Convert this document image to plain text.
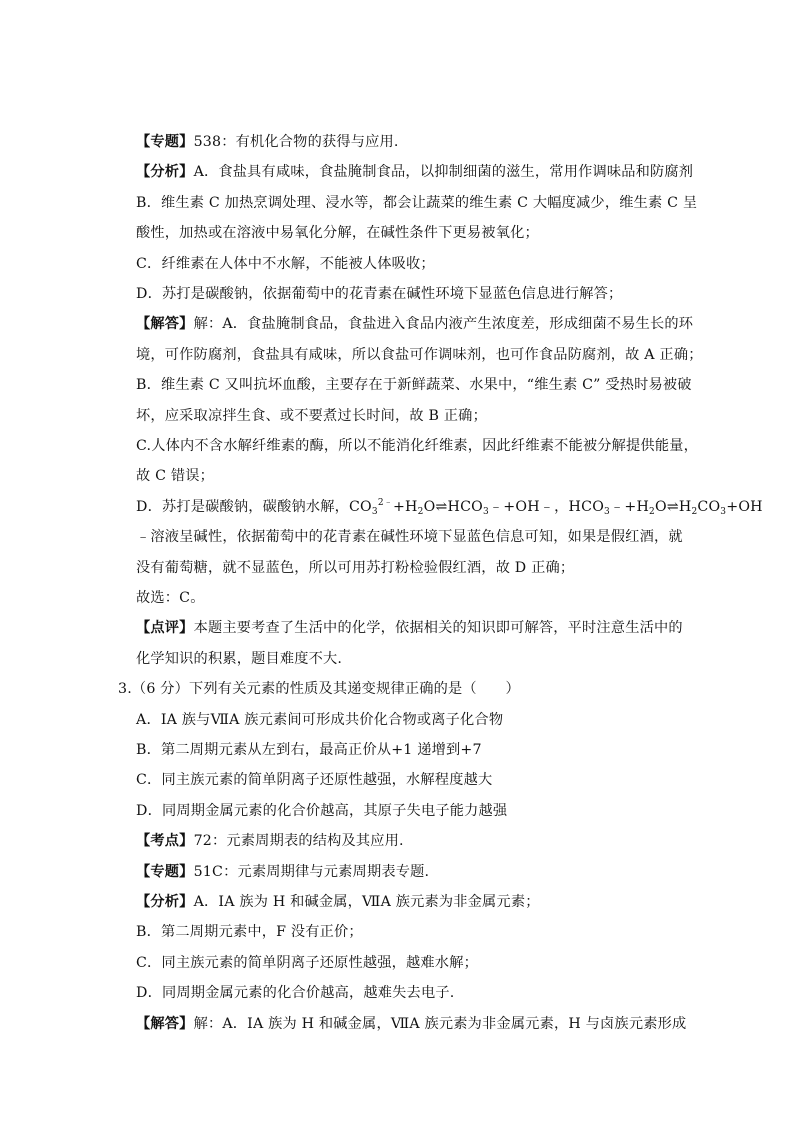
【专题】538：有机化合物的获得与应用.
【分析】A．食盐具有咸味，食盐腌制食品，以抑制细菌的滋生，常用作调味品和防腐剂
B．维生素 C 加热烹调处理、浸水等，都会让蔬菜的维生素 C 大幅度减少，维生素 C 呈
酸性，加热或在溶液中易氧化分解，在碱性条件下更易被氧化；
C．纤维素在人体中不水解，不能被人体吸收；
D．苏打是碳酸钠，依据葡萄中的花青素在碱性环境下显蓝色信息进行解答；
【解答】解：A．食盐腌制食品，食盐进入食品内液产生浓度差，形成细菌不易生长的环
境，可作防腐剂，食盐具有咸味，所以食盐可作调味剂，也可作食品防腐剂，故 A 正确；
B．维生素 C 又叫抗坏血酸，主要存在于新鲜蔬菜、水果中，“维生素 C” 受热时易被破
坏，应采取凉拌生食、或不要煮过长时间，故 B 正确；
C.人体内不含水解纤维素的酶，所以不能消化纤维素，因此纤维素不能被分解提供能量，
故 C 错误；
D．苏打是碳酸钠，碳酸钠水解，$CO_3^{2﹣}+H_2O\rightleftharpoons HCO_3﹣+OH﹣$，$HCO_3﹣+H_2O\rightleftharpoons H_2CO_3+OH$
﹣溶液呈碱性，依据葡萄中的花青素在碱性环境下显蓝色信息可知，如果是假红酒，就
没有葡萄糖，就不显蓝色，所以可用苏打粉检验假红酒，故 D 正确；
故选：C。
【点评】本题主要考查了生活中的化学，依据相关的知识即可解答，平时注意生活中的
化学知识的积累，题目难度不大.
3.（6 分）下列有关元素的性质及其递变规律正确的是（　　）
A．ⅠA 族与ⅦA 族元素间可形成共价化合物或离子化合物
B．第二周期元素从左到右，最高正价从+1 递增到+7
C．同主族元素的简单阴离子还原性越强，水解程度越大
D．同周期金属元素的化合价越高，其原子失电子能力越强
【考点】72：元素周期表的结构及其应用.
【专题】51C：元素周期律与元素周期表专题.
【分析】A．ⅠA 族为 H 和碱金属，ⅦA 族元素为非金属元素；
B．第二周期元素中，F 没有正价；
C．同主族元素的简单阴离子还原性越强，越难水解；
D．同周期金属元素的化合价越高，越难失去电子.
【解答】解：A．ⅠA 族为 H 和碱金属，ⅦA 族元素为非金属元素，H 与卤族元素形成
